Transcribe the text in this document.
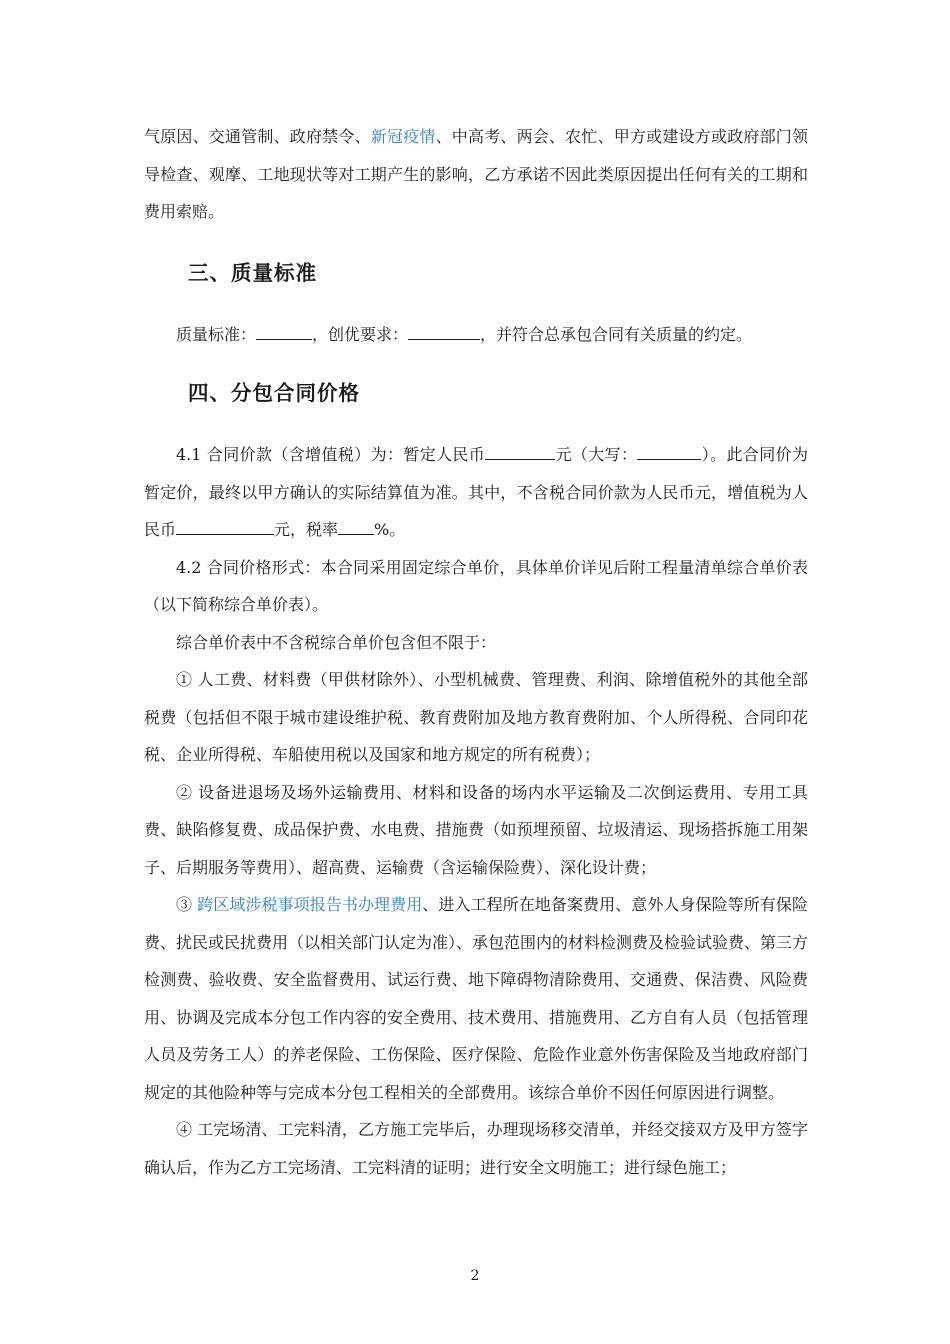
气原因、交通管制、政府禁令、新冠疫情、中高考、两会、农忙、甲方或建设方或政府部门领导检查、观摩、工地现状等对工期产生的影响，乙方承诺不因此类原因提出任何有关的工期和费用索赔。

三、质量标准

质量标准：	，创优要求：	，并符合总承包合同有关质量的约定。

四、分包合同价格

4.1 合同价款（含增值税）为：暂定人民币	元（大写：	）。此合同价为暂定价，最终以甲方确认的实际结算值为准。其中，不含税合同价款为人民币元，增值税为人民币	元，税率 %。

4.2 合同价格形式：本合同采用固定综合单价，具体单价详见后附工程量清单综合单价表（以下简称综合单价表）。

综合单价表中不含税综合单价包含但不限于：

① 人工费、材料费（甲供材除外）、小型机械费、管理费、利润、除增值税外的其他全部税费（包括但不限于城市建设维护税、教育费附加及地方教育费附加、个人所得税、合同印花税、企业所得税、车船使用税以及国家和地方规定的所有税费）；

② 设备进退场及场外运输费用、材料和设备的场内水平运输及二次倒运费用、专用工具费、缺陷修复费、成品保护费、水电费、措施费（如预埋预留、垃圾清运、现场搭拆施工用架子、后期服务等费用）、超高费、运输费（含运输保险费）、深化设计费；

③ 跨区域涉税事项报告书办理费用、进入工程所在地备案费用、意外人身保险等所有保险费、扰民或民扰费用（以相关部门认定为准）、承包范围内的材料检测费及检验试验费、第三方检测费、验收费、安全监督费用、试运行费、地下障碍物清除费用、交通费、保洁费、风险费用、协调及完成本分包工作内容的安全费用、技术费用、措施费用、乙方自有人员（包括管理人员及劳务工人）的养老保险、工伤保险、医疗保险、危险作业意外伤害保险及当地政府部门规定的其他险种等与完成本分包工程相关的全部费用。该综合单价不因任何原因进行调整。

④ 工完场清、工完料清，乙方施工完毕后，办理现场移交清单，并经交接双方及甲方签字确认后，作为乙方工完场清、工完料清的证明；进行安全文明施工；进行绿色施工；

2
